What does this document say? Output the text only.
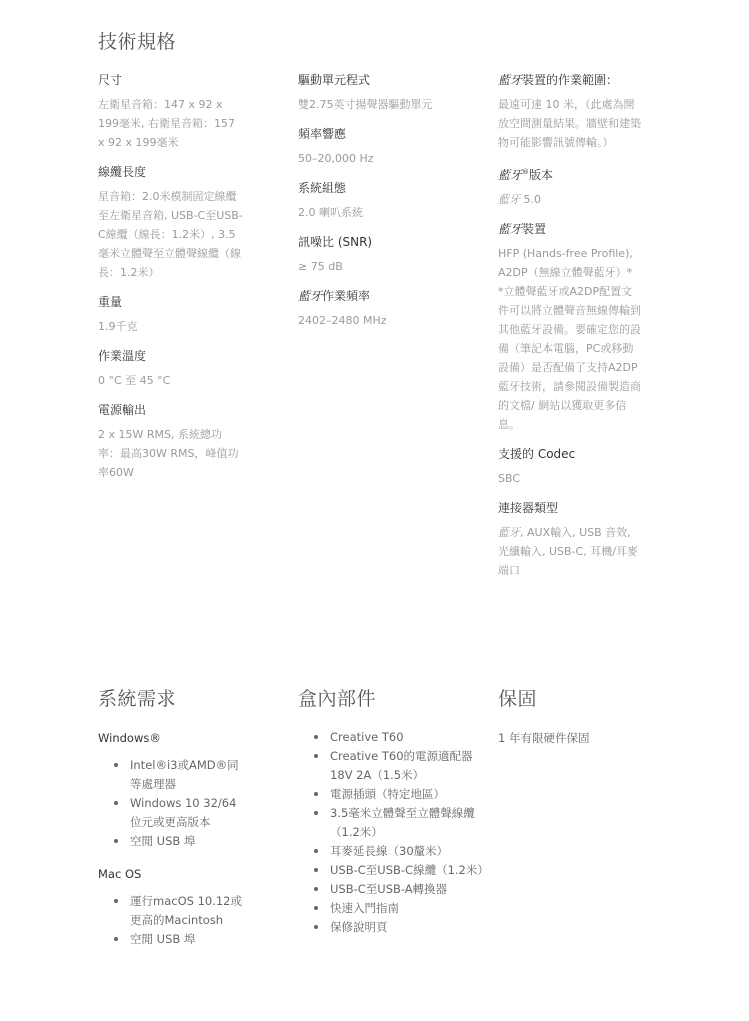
技術規格
尺寸
左衛星音箱：147 x 92 x 199毫米, 右衛星音箱：157 x 92 x 199毫米
線纜長度
星音箱：2.0米模制固定線纜至左衛星音箱, USB-C至USB-C線纜（線長：1.2米）, 3.5毫米立體聲至立體聲線纜（線長：1.2米）
重量
1.9千克
作業溫度
0 °C 至 45 °C
電源輸出
2 x 15W RMS, 系統總功率：最高30W RMS，峰值功率60W
驅動單元程式
雙2.75英寸揚聲器驅動單元
頻率響應
50–20,000 Hz
系統組態
2.0 喇叭系統
訊噪比 (SNR)
≥ 75 dB
藍牙作業頻率
2402–2480 MHz
藍牙裝置的作業範圍：
最遠可達 10 米，（此處為開放空間測量結果。牆壁和建築物可能影響訊號傳輸。）
藍牙®版本
藍牙 5.0
藍牙裝置
HFP (Hands-free Profile), A2DP（無線立體聲藍牙）*
*立體聲藍牙或A2DP配置文件可以將立體聲音無線傳輸到其他藍牙設備。要確定您的設備（筆記本電腦，PC或移動設備）是否配備了支持A2DP藍牙技術，請參閱設備製造商的文檔/ 網站以獲取更多信息。
支援的 Codec
SBC
連接器類型
藍牙, AUX輸入, USB 音效, 光纖輸入, USB-C, 耳機/耳麥端口
系統需求	盒內部件	保固
Windows®
Intel®i3或AMD®同等處理器
Windows 10 32/64位元或更高版本
空閒 USB 埠
Mac OS
運行macOS 10.12或更高的Macintosh
空閒 USB 埠
Creative T60
Creative T60的電源適配器18V 2A（1.5米）
電源插頭（特定地區）
3.5毫米立體聲至立體聲線纜（1.2米）
耳麥延長線（30釐米）
USB-C至USB-C線纜（1.2米）
USB-C至USB-A轉換器
快速入門指南
保修說明頁
1 年有限硬件保固
